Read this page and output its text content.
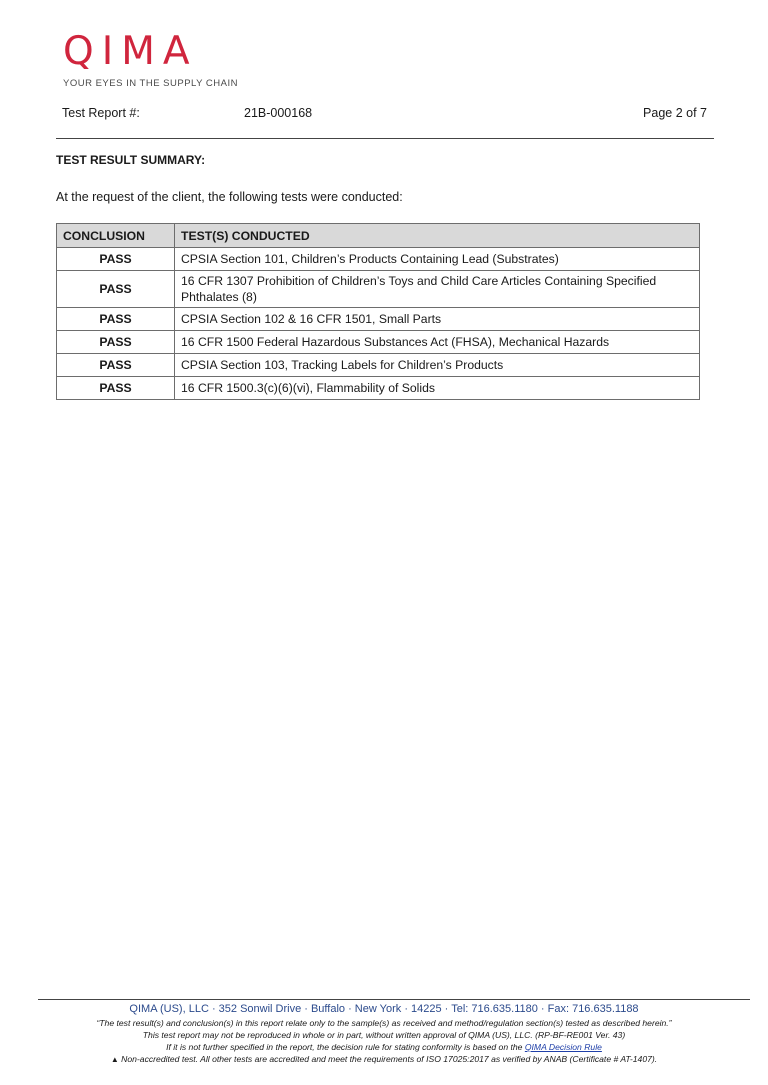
QIMA
YOUR EYES IN THE SUPPLY CHAIN
Test Report #:	21B-000168	Page 2 of 7
TEST RESULT SUMMARY:
At the request of the client, the following tests were conducted:
CONCLUSION	TEST(S) CONDUCTED
PASS	CPSIA Section 101, Children’s Products Containing Lead (Substrates)
PASS	16 CFR 1307 Prohibition of Children’s Toys and Child Care Articles Containing Specified Phthalates (8)
PASS	CPSIA Section 102 & 16 CFR 1501, Small Parts
PASS	16 CFR 1500 Federal Hazardous Substances Act (FHSA), Mechanical Hazards
PASS	CPSIA Section 103, Tracking Labels for Children’s Products
PASS	16 CFR 1500.3(c)(6)(vi), Flammability of Solids
QIMA (US), LLC · 352 Sonwil Drive · Buffalo · New York · 14225 · Tel: 716.635.1180 · Fax: 716.635.1188
“The test result(s) and conclusion(s) in this report relate only to the sample(s) as received and method/regulation section(s) tested as described herein.”
This test report may not be reproduced in whole or in part, without written approval of QIMA (US), LLC. (RP-BF-RE001 Ver. 43)
If it is not further specified in the report, the decision rule for stating conformity is based on the QIMA Decision Rule
▲ Non-accredited test. All other tests are accredited and meet the requirements of ISO 17025:2017 as verified by ANAB (Certificate # AT-1407).
